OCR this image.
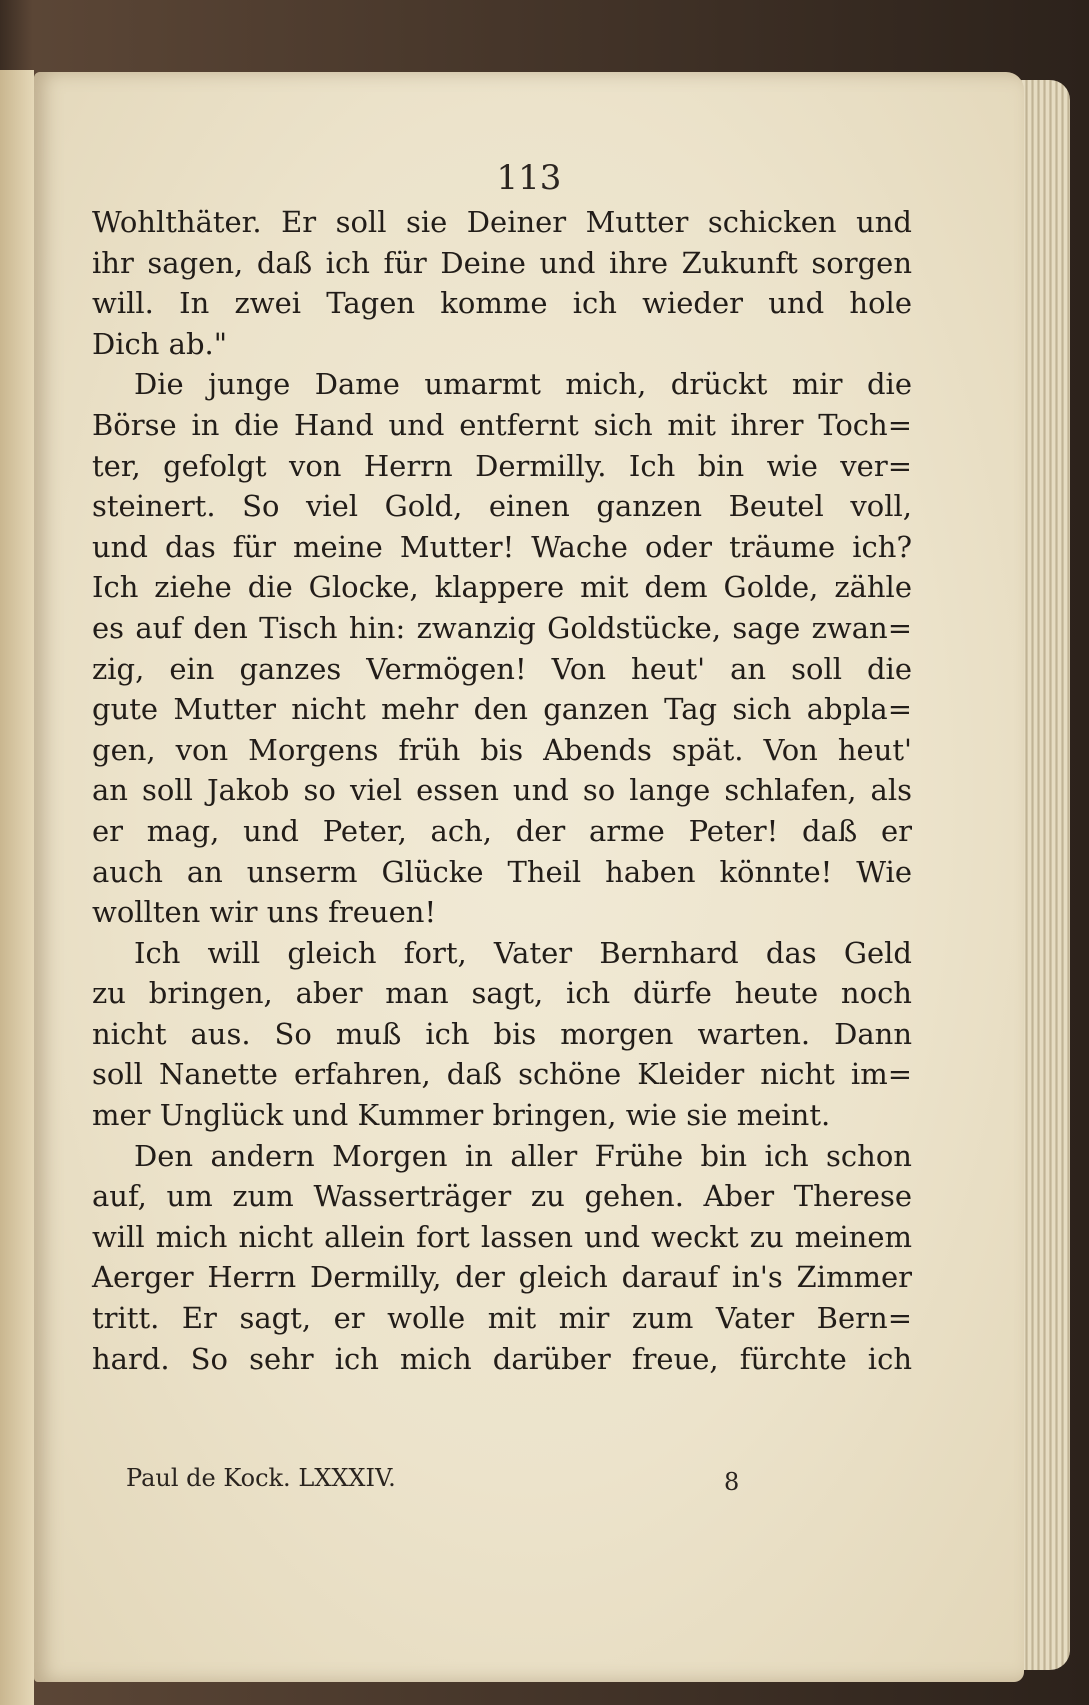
113
Wohlthäter. Er soll sie Deiner Mutter schicken und
ihr sagen, daß ich für Deine und ihre Zukunft sorgen
will. In zwei Tagen komme ich wieder und hole
Dich ab."
Die junge Dame umarmt mich, drückt mir die
Börse in die Hand und entfernt sich mit ihrer Toch=
ter, gefolgt von Herrn Dermilly. Ich bin wie ver=
steinert. So viel Gold, einen ganzen Beutel voll,
und das für meine Mutter! Wache oder träume ich?
Ich ziehe die Glocke, klappere mit dem Golde, zähle
es auf den Tisch hin: zwanzig Goldstücke, sage zwan=
zig, ein ganzes Vermögen! Von heut' an soll die
gute Mutter nicht mehr den ganzen Tag sich abpla=
gen, von Morgens früh bis Abends spät. Von heut'
an soll Jakob so viel essen und so lange schlafen, als
er mag, und Peter, ach, der arme Peter! daß er
auch an unserm Glücke Theil haben könnte! Wie
wollten wir uns freuen!
Ich will gleich fort, Vater Bernhard das Geld
zu bringen, aber man sagt, ich dürfe heute noch
nicht aus. So muß ich bis morgen warten. Dann
soll Nanette erfahren, daß schöne Kleider nicht im=
mer Unglück und Kummer bringen, wie sie meint.
Den andern Morgen in aller Frühe bin ich schon
auf, um zum Wasserträger zu gehen. Aber Therese
will mich nicht allein fort lassen und weckt zu meinem
Aerger Herrn Dermilly, der gleich darauf in's Zimmer
tritt. Er sagt, er wolle mit mir zum Vater Bern=
hard. So sehr ich mich darüber freue, fürchte ich
Paul de Kock. LXXXIV.	8
